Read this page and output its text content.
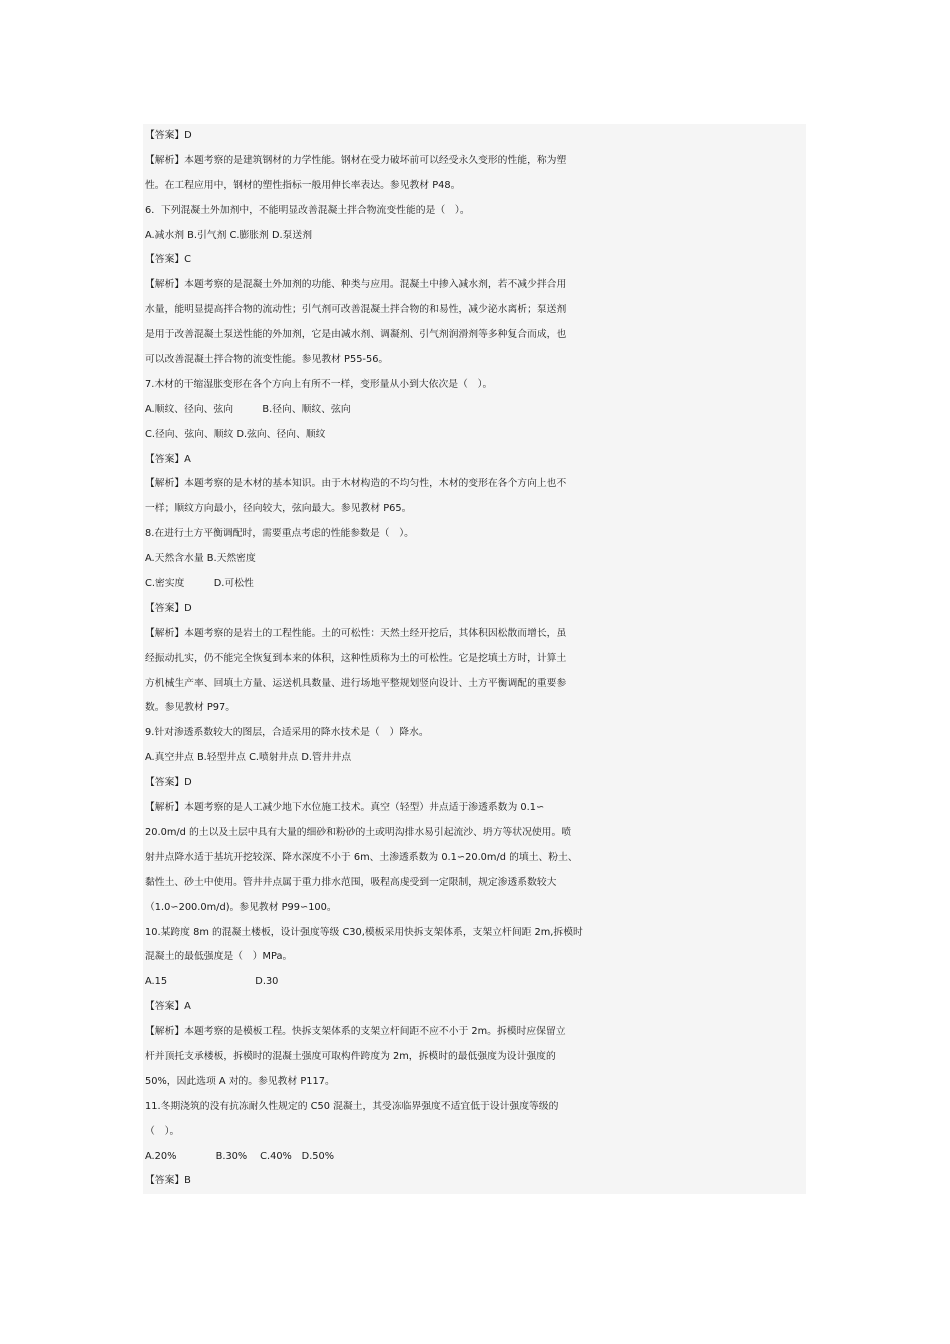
【答案】D
【解析】本题考察的是建筑钢材的力学性能。钢材在受力破坏前可以经受永久变形的性能，称为塑
性。在工程应用中，钢材的塑性指标一般用伸长率表达。参见教材 P48。
6．下列混凝土外加剂中，不能明显改善混凝土拌合物流变性能的是（　）。
A.减水剂 B.引气剂 C.膨胀剂 D.泵送剂
【答案】C
【解析】本题考察的是混凝土外加剂的功能、种类与应用。混凝土中掺入减水剂，若不减少拌合用
水量，能明显提高拌合物的流动性；引气剂可改善混凝土拌合物的和易性，减少泌水离析；泵送剂
是用于改善混凝土泵送性能的外加剂，它是由减水剂、调凝剂、引气剂润滑剂等多种复合而成，也
可以改善混凝土拌合物的流变性能。参见教材 P55-56。
7.木材的干缩湿胀变形在各个方向上有所不一样，变形量从小到大依次是（　）。
A.顺纹、径向、弦向　　　B.径向、顺纹、弦向
C.径向、弦向、顺纹 D.弦向、径向、顺纹
【答案】A
【解析】本题考察的是木材的基本知识。由于木材构造的不均匀性，木材的变形在各个方向上也不
一样；顺纹方向最小，径向较大，弦向最大。参见教材 P65。
8.在进行土方平衡调配时，需要重点考虑的性能参数是（　）。
A.天然含水量 B.天然密度
C.密实度　　　D.可松性
【答案】D
【解析】本题考察的是岩土的工程性能。土的可松性：天然土经开挖后，其体积因松散而增长，虽
经振动扎实，仍不能完全恢复到本来的体积，这种性质称为土的可松性。它是挖填土方时，计算土
方机械生产率、回填土方量、运送机具数量、进行场地平整规划竖向设计、土方平衡调配的重要参
数。参见教材 P97。
9.针对渗透系数较大的图层，合适采用的降水技术是（　）降水。
A.真空井点 B.轻型井点 C.喷射井点 D.管井井点
【答案】D
【解析】本题考察的是人工减少地下水位施工技术。真空（轻型）井点适于渗透系数为 0.1∽
20.0m/d 的土以及土层中具有大量的细砂和粉砂的土或明沟排水易引起流沙、坍方等状况使用。喷
射井点降水适于基坑开挖较深、降水深度不小于 6m、土渗透系数为 0.1∽20.0m/d 的填土、粉土、
黏性土、砂土中使用。管井井点属于重力排水范围，吸程高虔受到一定限制，规定渗透系数较大
（1.0∽200.0m/d)。参见教材 P99∽100。
10.某跨度 8m 的混凝土楼板，设计强度等级 C30,模板采用快拆支架体系，支架立杆间距 2m,拆模时
混凝土的最低强度是（　）MPa。
A.15　　　　　　　　　D.30
【答案】A
【解析】本题考察的是模板工程。快拆支架体系的支架立杆间距不应不小于 2m。拆模时应保留立
杆并顶托支承楼板，拆模时的混凝土强度可取构件跨度为 2m，拆模时的最低强度为设计强度的
50%，因此选项 A 对的。参见教材 P117。
11.冬期浇筑的没有抗冻耐久性规定的 C50 混凝土，其受冻临界强度不适宜低于设计强度等级的
（　）。
A.20%　　　　B.30%　 C.40%　D.50%
【答案】B
